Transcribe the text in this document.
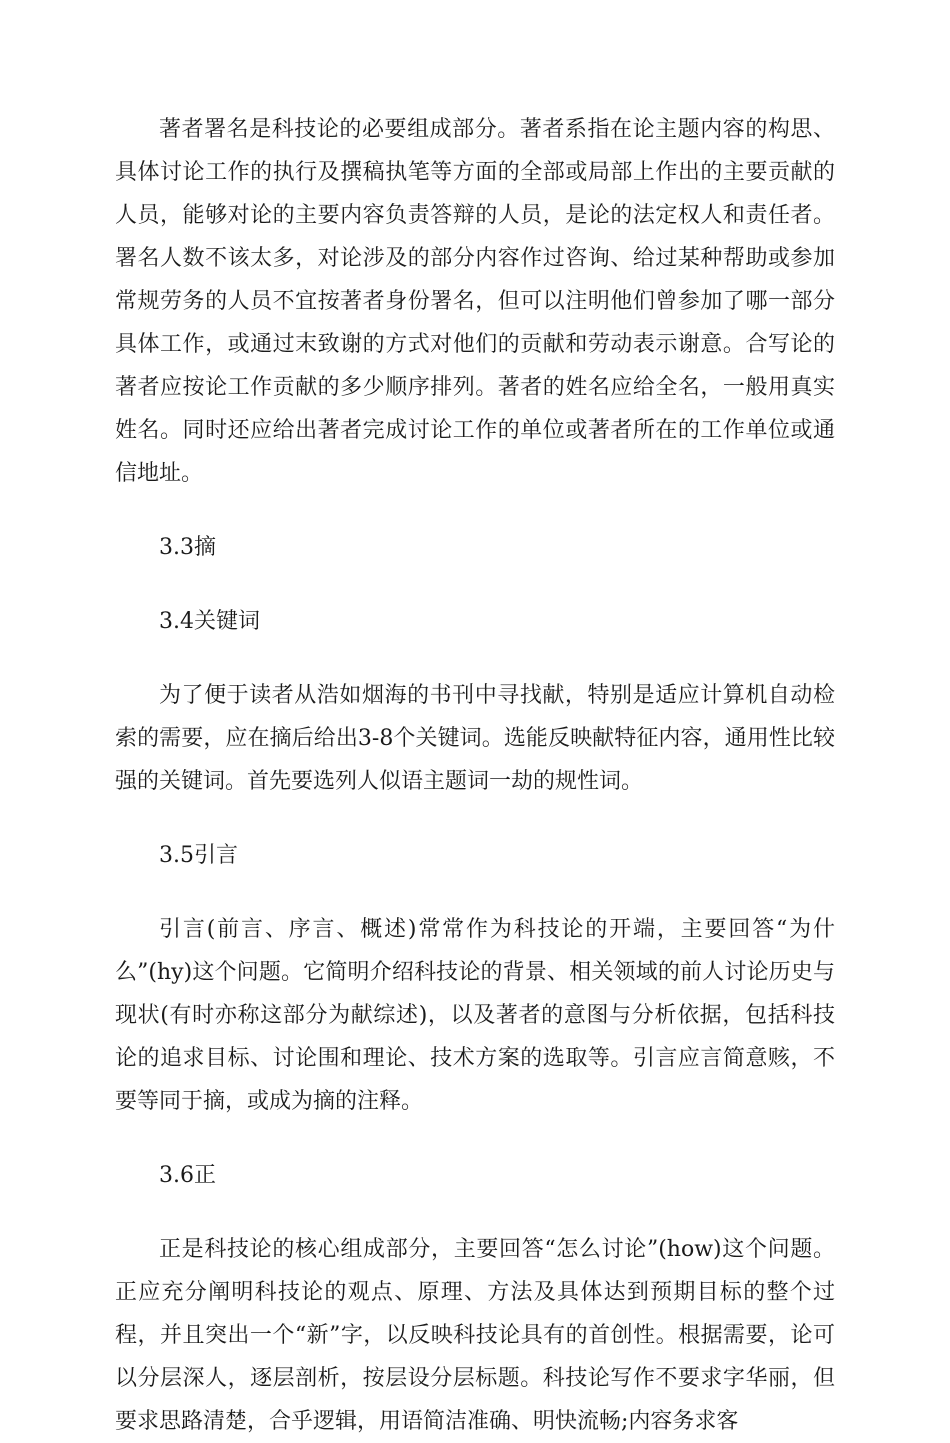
著者署名是科技论的必要组成部分。著者系指在论主题内容的构思、具体讨论工作的执行及撰稿执笔等方面的全部或局部上作出的主要贡献的人员，能够对论的主要内容负责答辩的人员，是论的法定权人和责任者。署名人数不该太多，对论涉及的部分内容作过咨询、给过某种帮助或参加常规劳务的人员不宜按著者身份署名，但可以注明他们曾参加了哪一部分具体工作，或通过末致谢的方式对他们的贡献和劳动表示谢意。合写论的著者应按论工作贡献的多少顺序排列。著者的姓名应给全名，一般用真实姓名。同时还应给出著者完成讨论工作的单位或著者所在的工作单位或通信地址。

3.3摘

3.4关键词

为了便于读者从浩如烟海的书刊中寻找献，特别是适应计算机自动检索的需要，应在摘后给出3-8个关键词。选能反映献特征内容，通用性比较强的关键词。首先要选列人似语主题词一劫的规性词。

3.5引言

引言(前言、序言、概述)常常作为科技论的开端，主要回答“为什么”(hy)这个问题。它简明介绍科技论的背景、相关领域的前人讨论历史与现状(有时亦称这部分为献综述)，以及著者的意图与分析依据，包括科技论的追求目标、讨论围和理论、技术方案的选取等。引言应言简意赅，不要等同于摘，或成为摘的注释。

3.6正

正是科技论的核心组成部分，主要回答“怎么讨论”(how)这个问题。正应充分阐明科技论的观点、原理、方法及具体达到预期目标的整个过程，并且突出一个“新”字，以反映科技论具有的首创性。根据需要，论可以分层深人，逐层剖析，按层设分层标题。科技论写作不要求字华丽，但要求思路清楚，合乎逻辑，用语简洁准确、明快流畅;内容务求客
